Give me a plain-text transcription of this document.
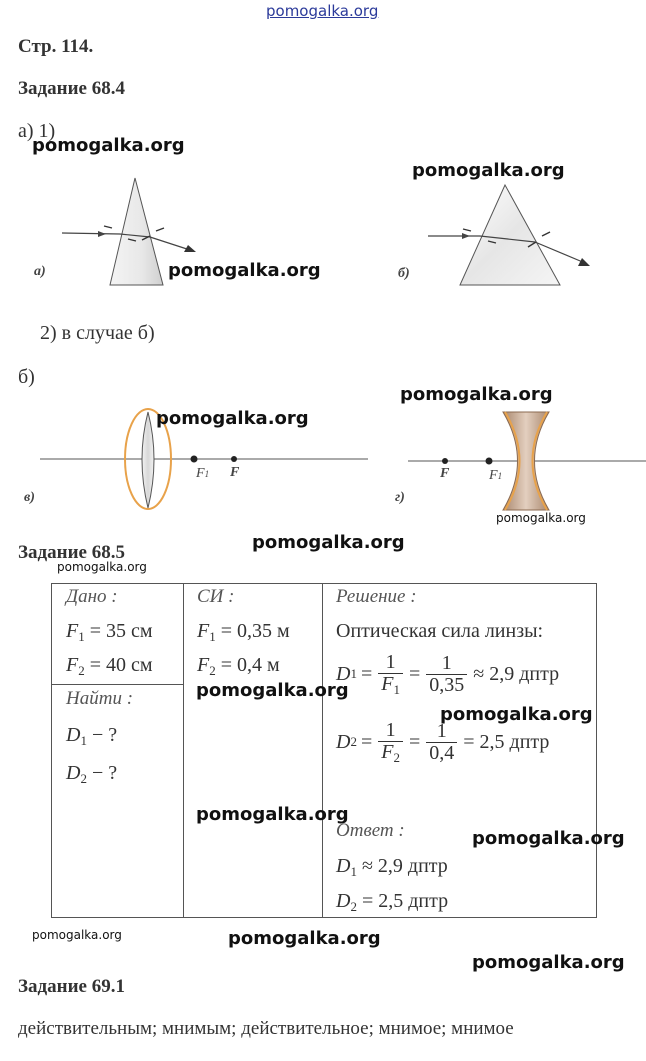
pomogalka.org
Стр. 114.
Задание 68.4
а) 1)
а)	б)
2) в случае б)
б)
в)
F1 F
г)
F	F1
Задание 68.5
Дано :
$F_1 = 35$ см
$F_2 = 40$ см
Найти :
$D_1$ − ?
$D_2$ − ?
СИ :
$F_1 = 0,35$ м
$F_2 = 0,4$ м
Решение :
Оптическая сила линзы:
D $1 = \frac{1}{F_1} = \frac{1}{0,35} \approx 2,9$ дптр
D $2 = \frac{1}{F_2} = \frac{1}{0,4} = 2,5$ дптр
Ответ :
$D_1 \approx 2,9$ дптр
$D_2 = 2,5$ дптр
Задание 69.1
действительным; мнимым; действительное; мнимое; мнимое
pomogalka.org
pomogalka.org
pomogalka.org
pomogalka.org
pomogalka.org
pomogalka.org
pomogalka.org
pomogalka.org
pomogalka.org
pomogalka.org
pomogalka.org
pomogalka.org
pomogalka.org	pomogalka.org
pomogalka.org
